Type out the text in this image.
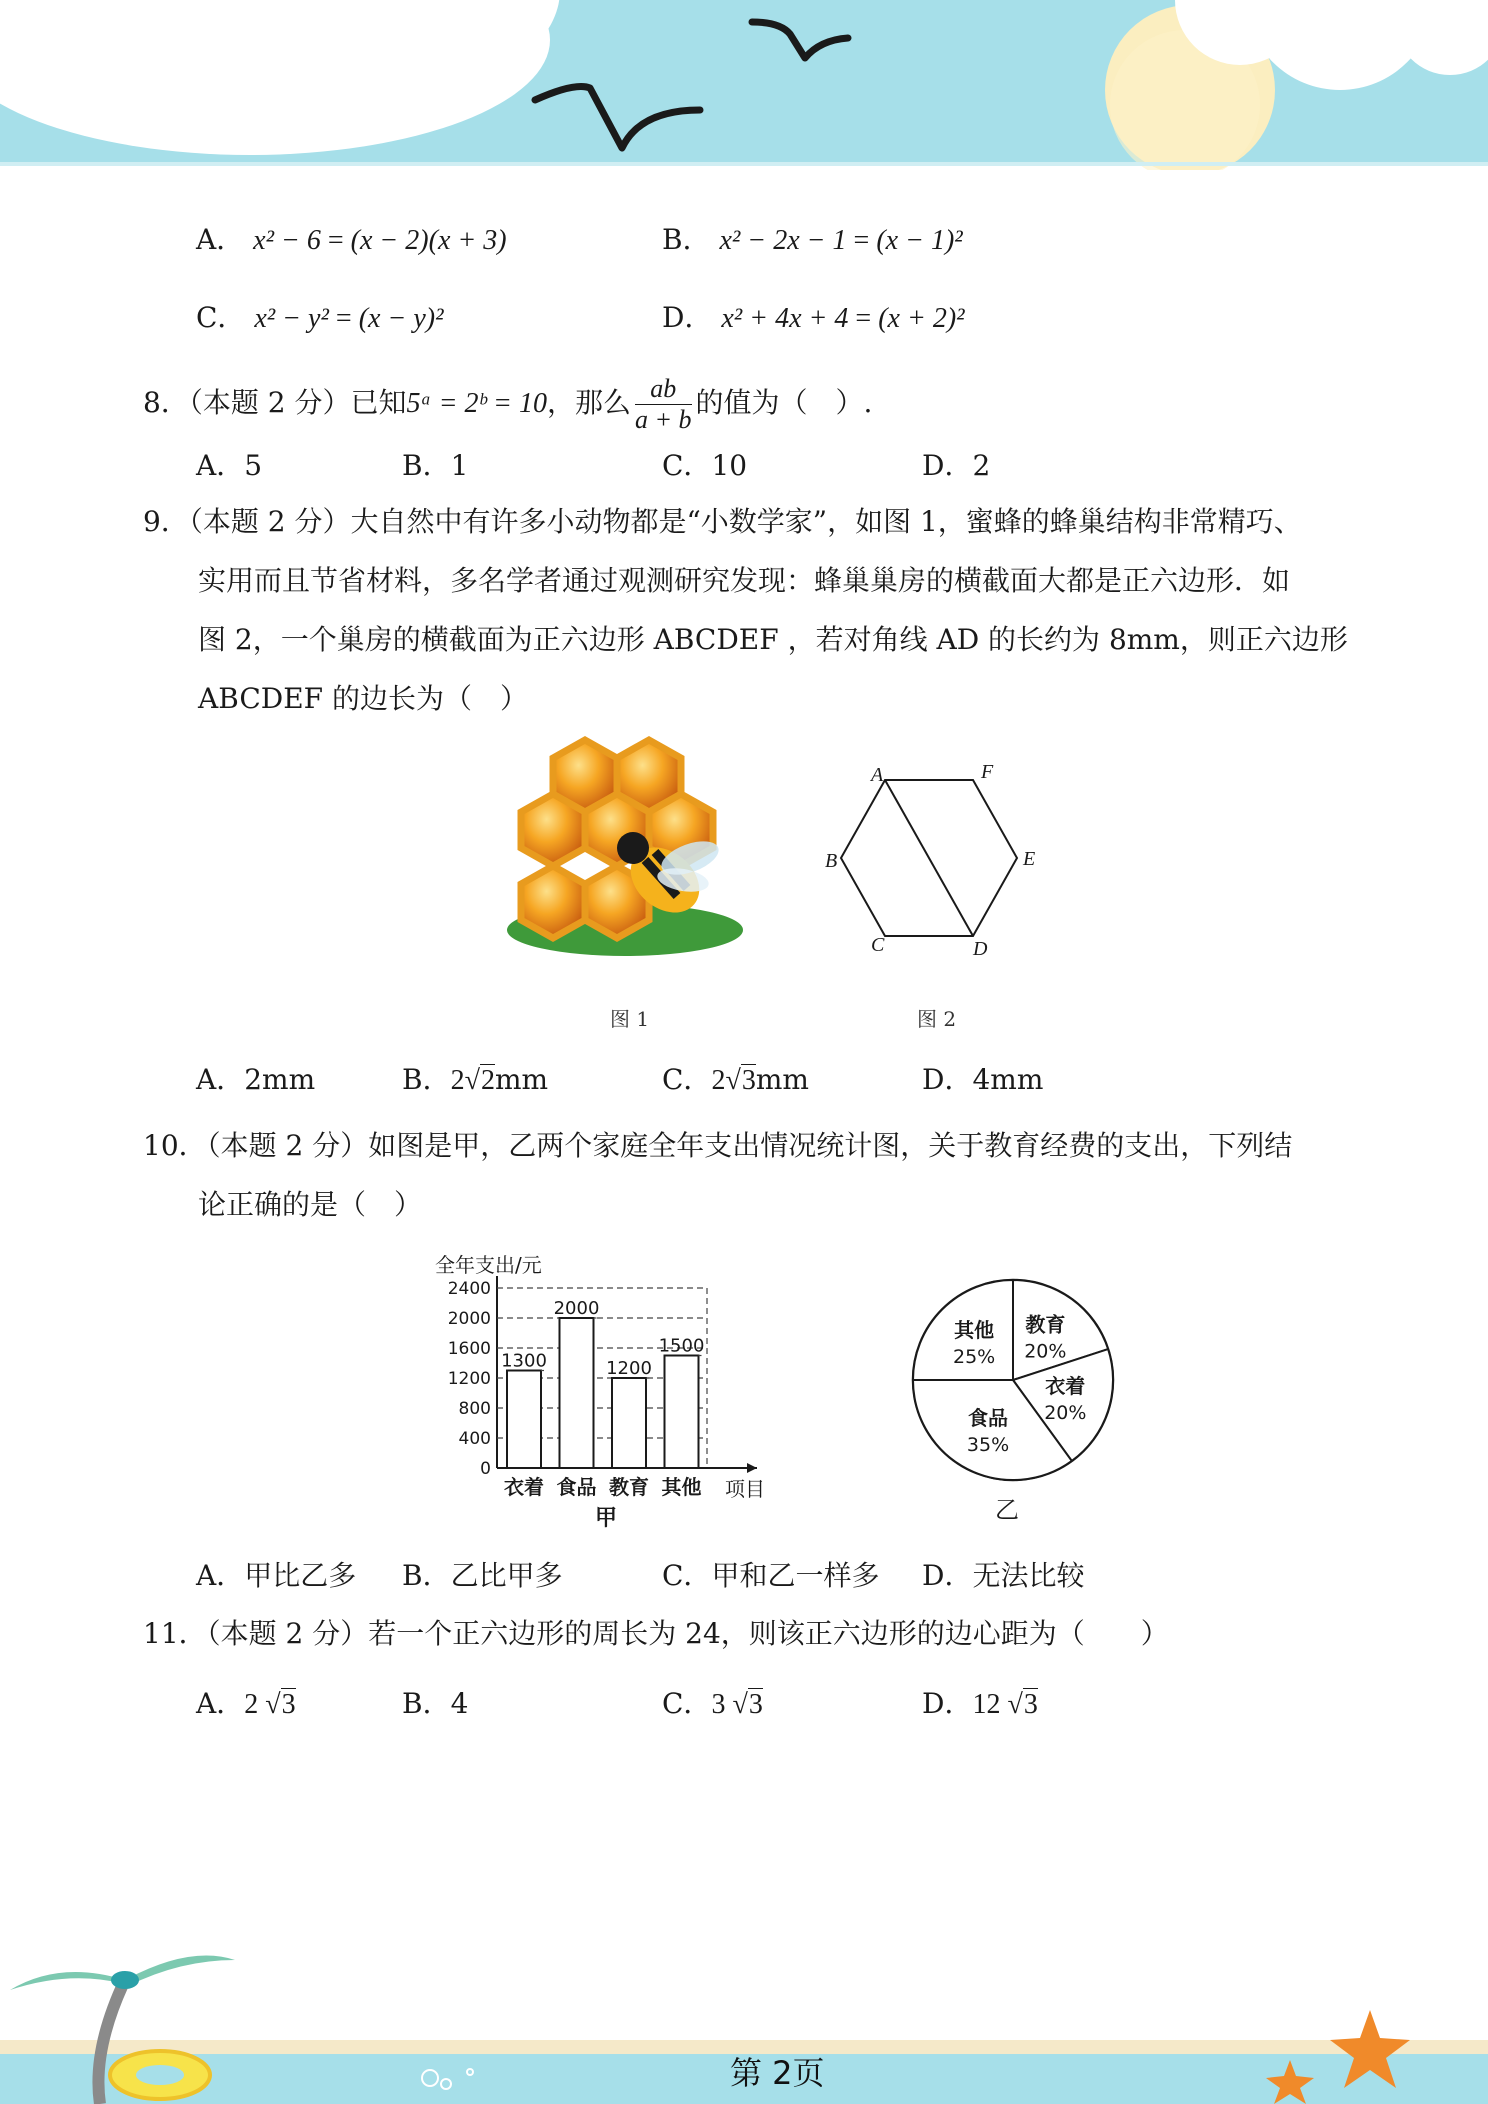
A． x² − 6 = (x − 2)(x + 3)	B． x² − 2x − 1 = (x − 1)²
C． x² − y² = (x − y)²	D． x² + 4x + 4 = (x + 2)²
8．（本题 2 分）已知5ᵃ = 2ᵇ = 10，那么 $\frac{ab}{a + b}$ 的值为（　）.
A．5	B．1	C．10	D．2
9．（本题 2 分）大自然中有许多小动物都是“小数学家”，如图 1，蜜蜂的蜂巢结构非常精巧、
实用而且节省材料，多名学者通过观测研究发现：蜂巢巢房的横截面大都是正六边形．如
图 2，一个巢房的横截面为正六边形 ABCDEF ，若对角线 AD 的长约为 8mm，则正六边形
ABCDEF 的边长为（　）
图 1
A	F
B	E
C	D
图 2
A．2mm	B．2√2mm	C．2√3mm	D．4mm
10．（本题 2 分）如图是甲，乙两个家庭全年支出情况统计图，关于教育经费的支出，下列结
论正确的是（　）
全年支出/元
1300
2000
1200
1500
0
400
800
1200
1600
2000
2400
衣着 食品 教育 其他 项目
甲
教育
20%
衣着
20%
食品
35%
其他
25%
乙
A．甲比乙多 B．乙比甲多	C．甲和乙一样多 D．无法比较
11．（本题 2 分）若一个正六边形的周长为 24，则该正六边形的边心距为（　　）
A．2 √3	B．4	C．3 √3	D．12 √3
第 2页
